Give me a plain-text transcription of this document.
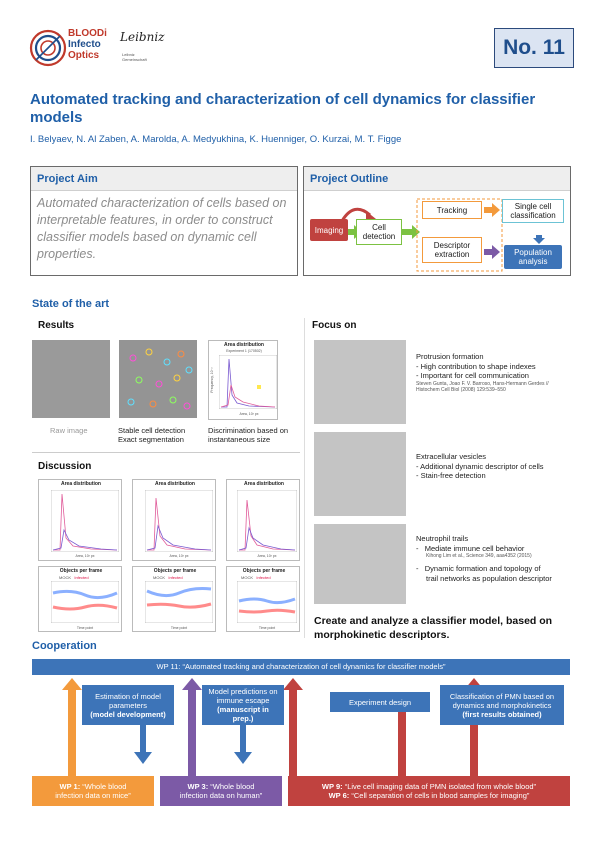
BLOODi
Infecto
Optics
Leibniz
Leibniz
Gemeinschaft
No. 11
Automated tracking and characterization of cell dynamics for classifier models
I. Belyaev, N. Al Zaben, A. Marolda, A. Medyukhina, K. Huenniger, O. Kurzai, M. T. Figge
Project Aim
Automated characterization of cells based on interpretable features, in order to construct classifier models based on dynamic cell properties.
Project Outline
Imaging	Cell detection
Tracking
Descriptor extraction
Single cell classification
Population analysis
State of the art
Results
Area distribution
Experiment 1 (170502)
Area, 10³ px
Frequency, 10⁻²
Raw image	Stable cell detection
Exact segmentation
Discrimination based on
instantaneous size
Discussion
Area distribution
Area, 10³ px
Area distribution
Area, 10³ px
Area distribution
Area, 10³ px
Objects per frame
MOCK Infected
Time point
Objects per frame
MOCK Infected
Time point
Objects per frame
MOCK Infected
Time point
Focus on
Protrusion formation
- High contribution to shape indexes
- Important for cell communication
Steven Gunta, Joao F. V. Barroso, Hans-Hermann Gerdes //
Histochem Cell Biol (2008) 129:539–550
Extracellular vesicles
- Additional dynamic descriptor of cells
- Stain-free detection
Neutrophil trails
-   Mediate immune cell behavior
Kihong Lim et al., Science 349, aaa4352 (2015)
-   Dynamic formation and topology of
trail networks as population descriptor
Create and analyze a classifier model, based on
morphokinetic descriptors.
Cooperation
WP 11: “Automated tracking and characterization of cell dynamics for classifier models”
Estimation of model
parameters
(model development)
Model predictions on
immune escape
(manuscript in prep.)
Experiment design
Classification of PMN based on
dynamics and morphokinetics
(first results obtained)
WP 1: “Whole blood
infection data on mice”
WP 3: “Whole blood
infection data on human”
WP 9: “Live cell imaging data of PMN isolated from whole blood”
WP 6: “Cell separation of cells in blood samples for imaging”
